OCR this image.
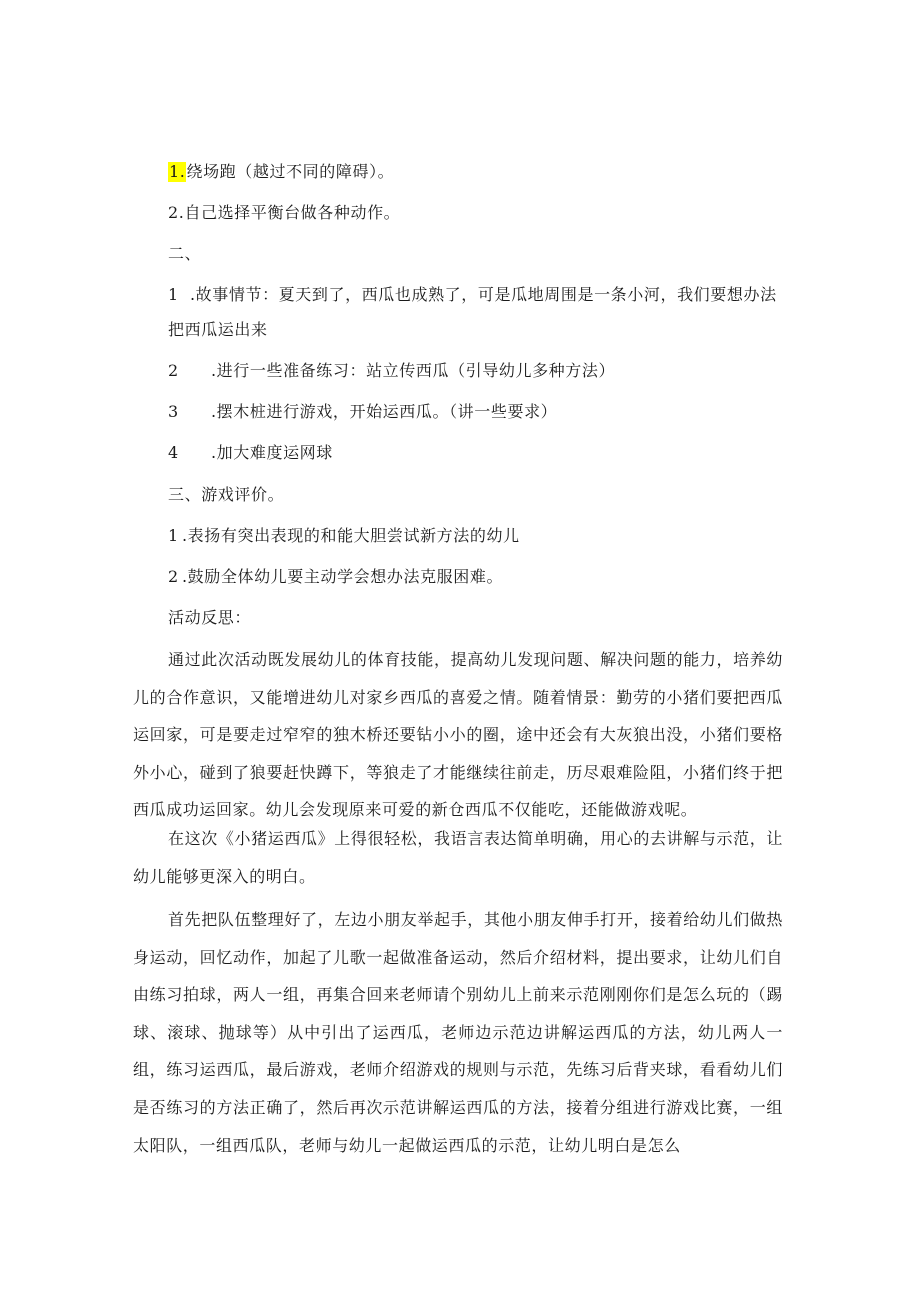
1.绕场跑（越过不同的障碍）。
2.自己选择平衡台做各种动作。
二、
1 .故事情节：夏天到了，西瓜也成熟了，可是瓜地周围是一条小河，我们要想办法
把西瓜运出来
2 .进行一些准备练习：站立传西瓜（引导幼儿多种方法）
3 .摆木桩进行游戏，开始运西瓜。（讲一些要求）
4 .加大难度运网球
三、游戏评价。
1 .表扬有突出表现的和能大胆尝试新方法的幼儿
2 .鼓励全体幼儿要主动学会想办法克服困难。
活动反思：

通过此次活动既发展幼儿的体育技能，提高幼儿发现问题、解决问题的能力，培养幼儿的合作意识，又能增进幼儿对家乡西瓜的喜爱之情。随着情景：勤劳的小猪们要把西瓜运回家，可是要走过窄窄的独木桥还要钻小小的圈，途中还会有大灰狼出没，小猪们要格外小心，碰到了狼要赶快蹲下，等狼走了才能继续往前走，历尽艰难险阻，小猪们终于把西瓜成功运回家。幼儿会发现原来可爱的新仓西瓜不仅能吃，还能做游戏呢。

在这次《小猪运西瓜》上得很轻松，我语言表达简单明确，用心的去讲解与示范，让幼儿能够更深入的明白。

首先把队伍整理好了，左边小朋友举起手，其他小朋友伸手打开，接着给幼儿们做热身运动，回忆动作，加起了儿歌一起做准备运动，然后介绍材料，提出要求，让幼儿们自由练习拍球，两人一组，再集合回来老师请个别幼儿上前来示范刚刚你们是怎么玩的（踢球、滚球、抛球等）从中引出了运西瓜，老师边示范边讲解运西瓜的方法，幼儿两人一组，练习运西瓜，最后游戏，老师介绍游戏的规则与示范，先练习后背夹球，看看幼儿们是否练习的方法正确了，然后再次示范讲解运西瓜的方法，接着分组进行游戏比赛，一组太阳队，一组西瓜队，老师与幼儿一起做运西瓜的示范，让幼儿明白是怎么
